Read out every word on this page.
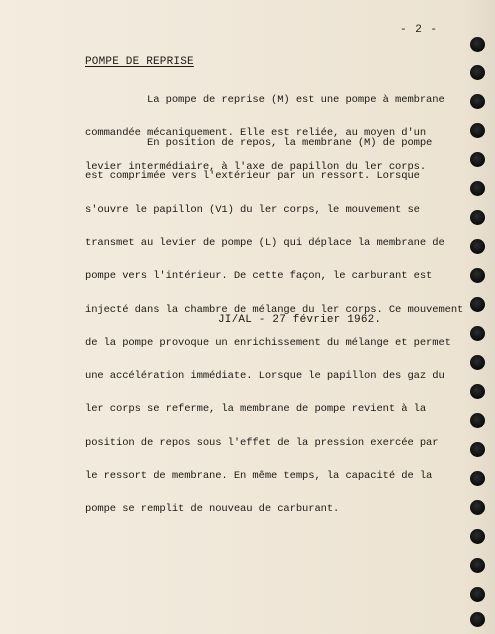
- 2 -
POMPE DE REPRISE

La pompe de reprise (M) est une pompe à membrane

commandée mécaniquement. Elle est reliée, au moyen d'un

levier intermédiaire, à l'axe de papillon du ler corps.

En position de repos, la membrane (M) de pompe

est comprimée vers l'extérieur par un ressort. Lorsque

s'ouvre le papillon (V1) du ler corps, le mouvement se

transmet au levier de pompe (L) qui déplace la membrane de

pompe vers l'intérieur. De cette façon, le carburant est

injecté dans la chambre de mélange du ler corps. Ce mouvement

de la pompe provoque un enrichissement du mélange et permet

une accélération immédiate. Lorsque le papillon des gaz du

ler corps se referme, la membrane de pompe revient à la

position de repos sous l'effet de la pression exercée par

le ressort de membrane. En même temps, la capacité de la

pompe se remplit de nouveau de carburant.

JI/AL - 27 février 1962.
